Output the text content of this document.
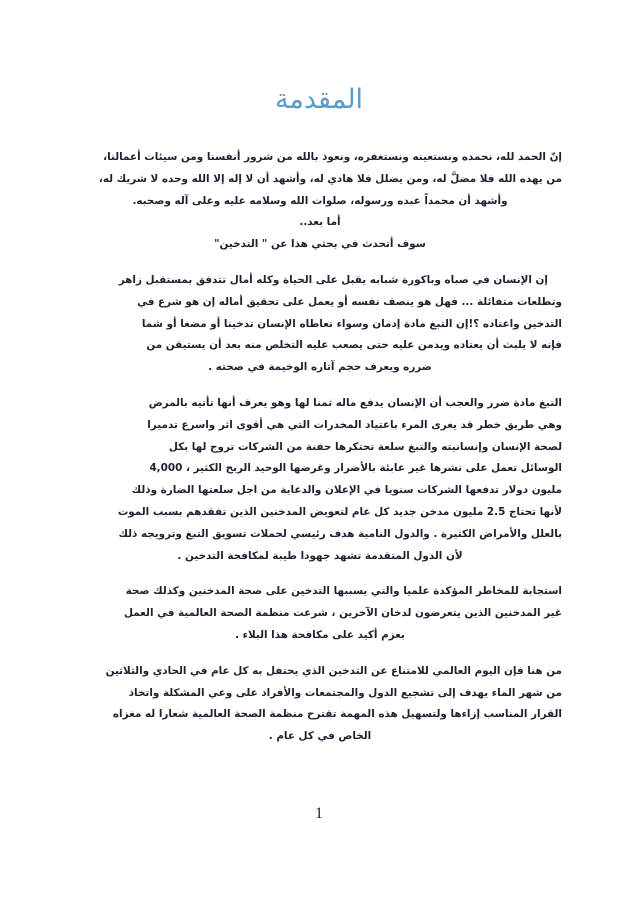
المقدمة
إنّ الحمد لله، نحمده ونستعينه ونستغفره، ونعوذ بالله من شرور أنفسنا ومن سيئات أعمالنا،
من يهده الله فلا مضلَّ له، ومن يضلل فلا هادي له، وأشهد أن لا إله إلا الله وحده لا شريك له،
وأشهد أن محمداً عبده ورسوله، صلوات الله وسلامه عليه وعلى آله وصحبه.
أما بعد..
سوف أتحدث في بحثي هذا عن " التدخين"
إن الإنسان في صباه وباكورة شبابه يقبل على الحياة وكله أمال تتدفق بمستقبل زاهر
وتطلعات متفائلة ... فهل هو ينصف نفسه أو يعمل على تحقيق أماله إن هو شرع في
التدخين واعتاده ؟!إن التبغ مادة إدمان وسواء تعاطاه الإنسان تدخينا أو مضغا أو شما
فإنه لا يلبث أن يعتاده ويدمن عليه حتى يصعب عليه التخلص منه بعد أن يستيقن من
ضرره ويعرف حجم آثاره الوخيمة في صحته .
التبغ مادة ضرر والعجب أن الإنسان يدفع ماله ثمنا لها وهو يعرف أنها تأتيه بالمرض
وهي طريق خطر قد يغرى المرء باعتياد المخدرات التي هي أقوى اثر واسرع تدميرا
لصحة الإنسان وإنسانيته والتبغ سلعة تحتكرها حفنة من الشركات تروج لها بكل
الوسائل تعمل على نشرها غير عابئة بالأضرار وغرضها الوحيد الربح الكثير ، 4,000
مليون دولار تدفعها الشركات سنويا في الإعلان والدعاية من اجل سلعتها الضارة وذلك
لأنها تحتاج 2.5 مليون مدخن جديد كل عام لتعويض المدخنين الذين تفقدهم بسبب الموت
بالعلل والأمراض الكثيرة . والدول النامية هدف رئيسي لحملات تسويق التبغ وترويجه ذلك
لأن الدول المتقدمة تشهد جهودا طيبة لمكافحة التدخين .
استجابة للمخاطر المؤكدة علميا والتي يسببها التدخين على صحة المدخنين وكذلك صحة
غير المدخنين الذين يتعرضون لدخان الآخرين ، شرعت منظمة الصحة العالمية في العمل
بعزم أكيد على مكافحة هذا البلاء .
من هنا فإن اليوم العالمي للامتناع عن التدخين الذي يحتفل به كل عام في الحادي والثلاثين
من شهر الماء يهدف إلى تشجيع الدول والمجتمعات والأفراد على وعي المشكلة واتخاذ
القرار المناسب إزاءها ولتسهيل هذه المهمة تقترح منظمة الصحة العالمية شعارا له مغزاه
الخاص في كل عام .
1
